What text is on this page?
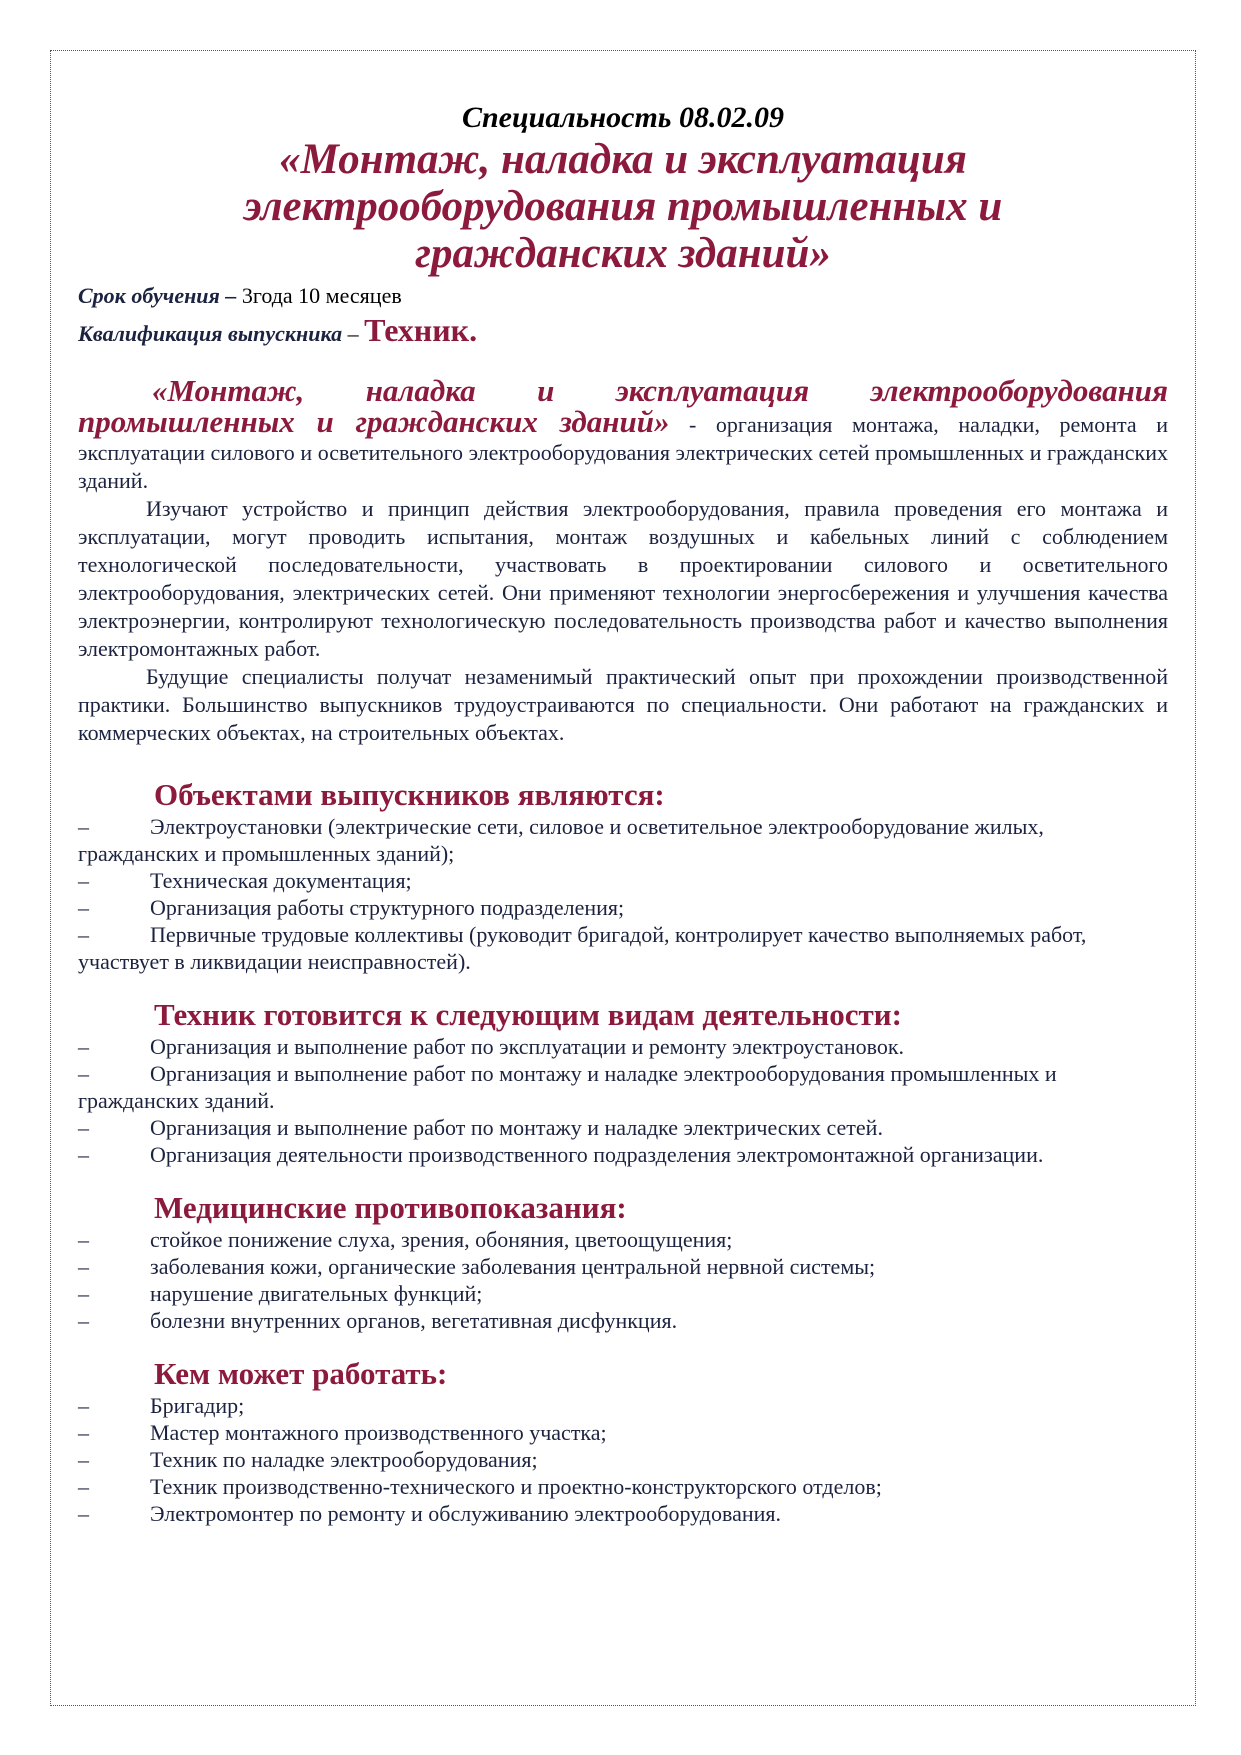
Специальность 08.02.09

«Монтаж, наладка и эксплуатация

электрооборудования промышленных и

гражданских зданий»

Срок обучения – 3года 10 месяцев

Квалификация выпускника – Техник.

«Монтаж, наладка и эксплуатация электрооборудования промышленных и гражданских зданий» - организация монтажа, наладки, ремонта и эксплуатации силового и осветительного электрооборудования электрических сетей промышленных и гражданских зданий.

Изучают устройство и принцип действия электрооборудования, правила проведения его монтажа и эксплуатации, могут проводить испытания, монтаж воздушных и кабельных линий с соблюдением технологической последовательности, участвовать в проектировании силового и осветительного электрооборудования, электрических сетей. Они применяют технологии энергосбережения и улучшения качества электроэнергии, контролируют технологическую последовательность производства работ и качество выполнения электромонтажных работ.

Будущие специалисты получат незаменимый практический опыт при прохождении производственной практики. Большинство выпускников трудоустраиваются по специальности. Они работают на гражданских и коммерческих объектах, на строительных объектах.

Объектами выпускников являются:
–	Электроустановки (электрические сети, силовое и осветительное электрооборудование жилых, гражданских и промышленных зданий);
–	Техническая документация;
–	Организация работы структурного подразделения;
–	Первичные трудовые коллективы (руководит бригадой, контролирует качество выполняемых работ, участвует в ликвидации неисправностей).
Техник готовится к следующим видам деятельности:
–	Организация и выполнение работ по эксплуатации и ремонту электроустановок.
–	Организация и выполнение работ по монтажу и наладке электрооборудования промышленных и гражданских зданий.
–	Организация и выполнение работ по монтажу и наладке электрических сетей.
–	Организация деятельности производственного подразделения электромонтажной организации.
Медицинские противопоказания:
–	стойкое понижение слуха, зрения, обоняния, цветоощущения;
–	заболевания кожи, органические заболевания центральной нервной системы;
–	нарушение двигательных функций;
–	болезни внутренних органов, вегетативная дисфункция.
Кем может работать:
–	Бригадир;
–	Мастер монтажного производственного участка;
–	Техник по наладке электрооборудования;
–	Техник производственно-технического и проектно-конструкторского отделов;
–	Электромонтер по ремонту и обслуживанию электрооборудования.
